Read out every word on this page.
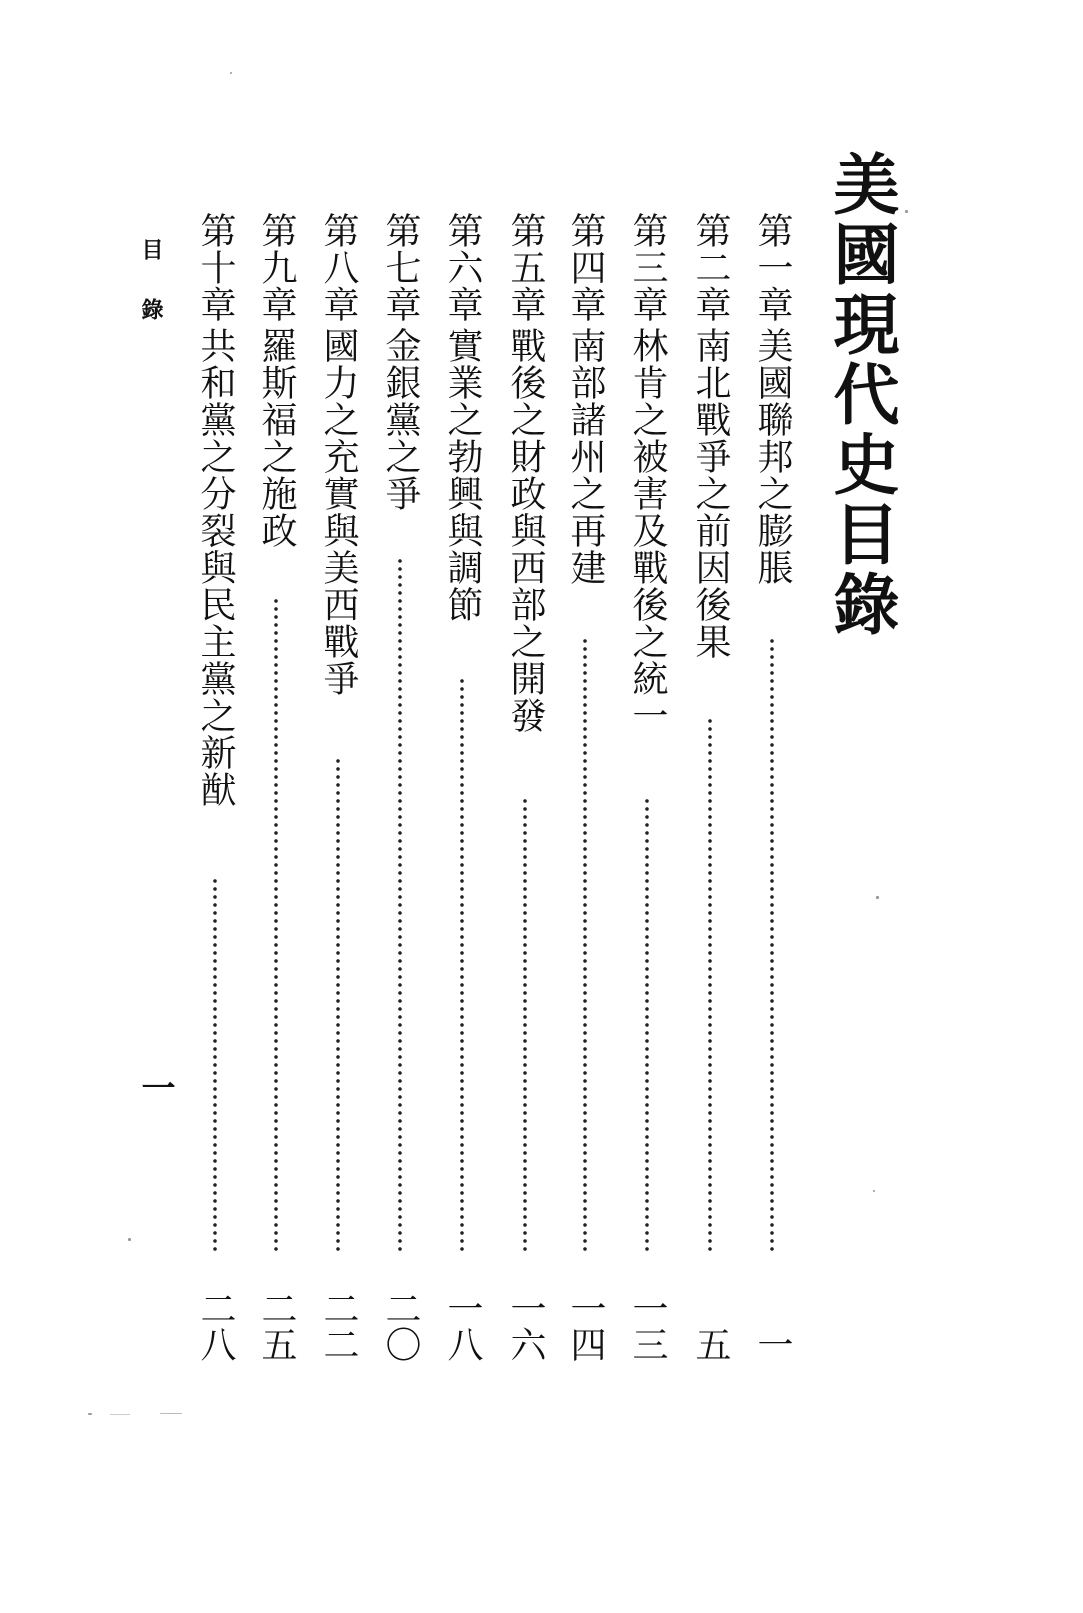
美國現代史目錄
第一章
美國聯邦之膨脹
一
第二章
南北戰爭之前因後果
五
第三章
林肯之被害及戰後之統一
一三
第四章
南部諸州之再建
一四
第五章
戰後之財政與西部之開發
一六
第六章
實業之勃興與調節
一八
第七章
金銀黨之爭
二〇
第八章
國力之充實與美西戰爭
二二
第九章
羅斯福之施政
二五
第十章
共和黨之分裂與民主黨之新猷
二八
目錄
一
